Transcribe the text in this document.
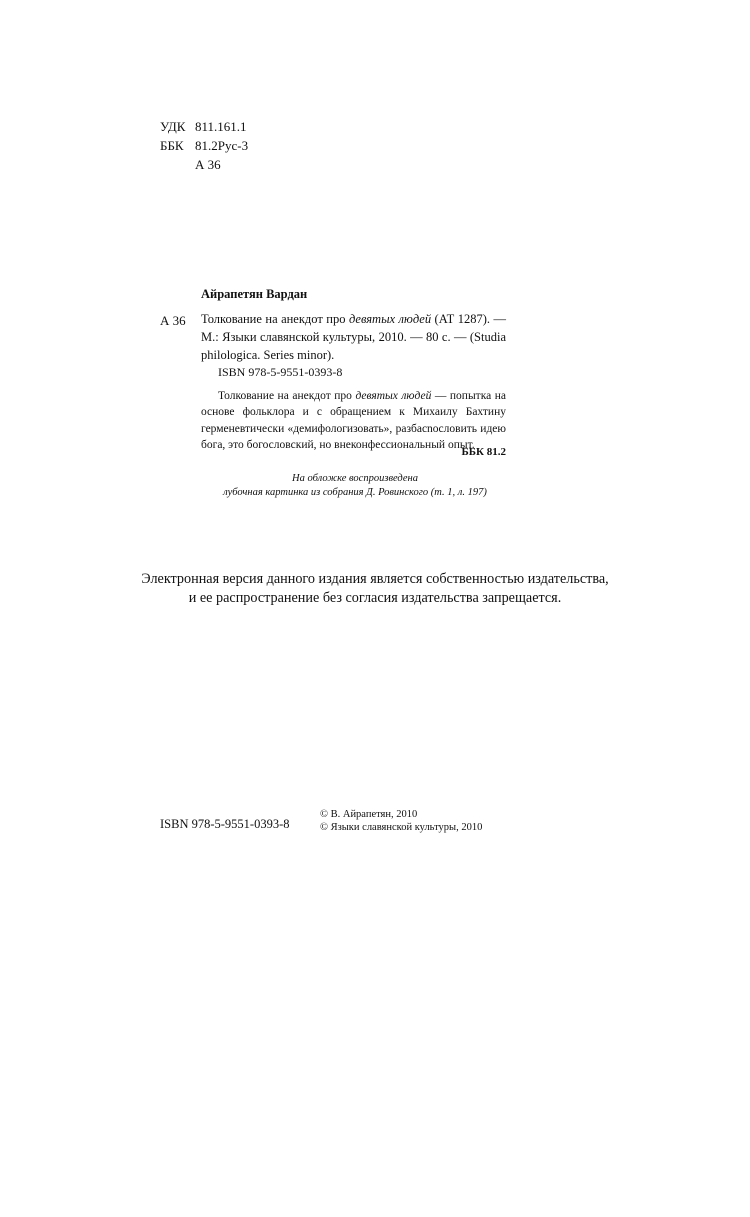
УДК 811.161.1
ББК 81.2Рус-3
А 36
Айрапетян Вардан
А 36 Толкование на анекдот про девятых людей (АТ 1287). — М.: Языки славянской культуры, 2010. — 80 с. — (Studia philologica. Series minor).
ISBN 978-5-9551-0393-8
Толкование на анекдот про девятых людей — попытка на основе фольклора и с обращением к Михаилу Бахтину герменевтически «демифологизовать», разбасnoсловить идею бога, это богословский, но внеконфессиональный опыт.
ББК 81.2
На обложке воспроизведена
лубочная картинка из собрания Д. Ровинского (т. 1, л. 197)
Электронная версия данного издания является собственностью издательства,
и ее распространение без согласия издательства запрещается.
ISBN 978-5-9551-0393-8
© В. Айрапетян, 2010
© Языки славянской культуры, 2010
